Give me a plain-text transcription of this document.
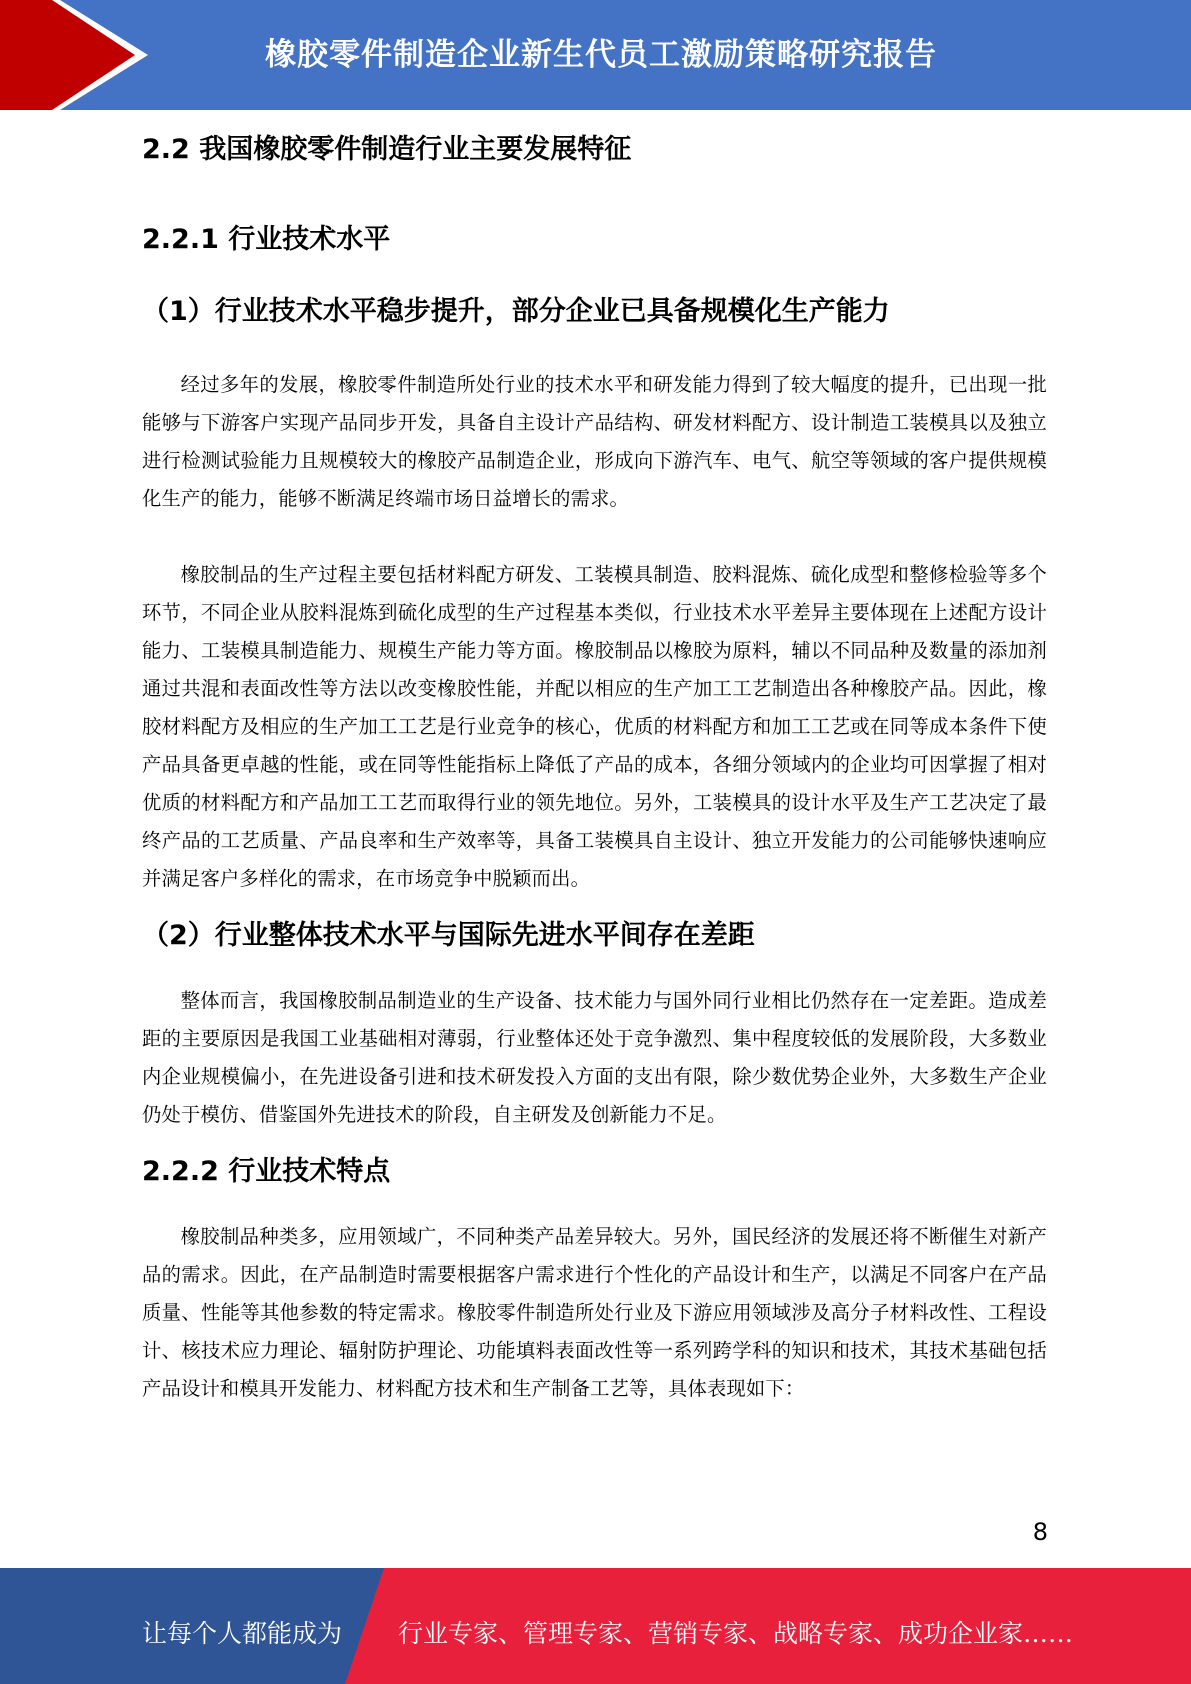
橡胶零件制造企业新生代员工激励策略研究报告
2.2 我国橡胶零件制造行业主要发展特征
2.2.1 行业技术水平
（1）行业技术水平稳步提升，部分企业已具备规模化生产能力

经过多年的发展，橡胶零件制造所处行业的技术水平和研发能力得到了较大幅度的提升，已出现一批能够与下游客户实现产品同步开发，具备自主设计产品结构、研发材料配方、设计制造工装模具以及独立进行检测试验能力且规模较大的橡胶产品制造企业，形成向下游汽车、电气、航空等领域的客户提供规模化生产的能力，能够不断满足终端市场日益增长的需求。

橡胶制品的生产过程主要包括材料配方研发、工装模具制造、胶料混炼、硫化成型和整修检验等多个环节，不同企业从胶料混炼到硫化成型的生产过程基本类似，行业技术水平差异主要体现在上述配方设计能力、工装模具制造能力、规模生产能力等方面。橡胶制品以橡胶为原料，辅以不同品种及数量的添加剂通过共混和表面改性等方法以改变橡胶性能，并配以相应的生产加工工艺制造出各种橡胶产品。因此，橡胶材料配方及相应的生产加工工艺是行业竞争的核心，优质的材料配方和加工工艺或在同等成本条件下使产品具备更卓越的性能，或在同等性能指标上降低了产品的成本，各细分领域内的企业均可因掌握了相对优质的材料配方和产品加工工艺而取得行业的领先地位。另外，工装模具的设计水平及生产工艺决定了最终产品的工艺质量、产品良率和生产效率等，具备工装模具自主设计、独立开发能力的公司能够快速响应并满足客户多样化的需求，在市场竞争中脱颖而出。

（2）行业整体技术水平与国际先进水平间存在差距

整体而言，我国橡胶制品制造业的生产设备、技术能力与国外同行业相比仍然存在一定差距。造成差距的主要原因是我国工业基础相对薄弱，行业整体还处于竞争激烈、集中程度较低的发展阶段，大多数业内企业规模偏小，在先进设备引进和技术研发投入方面的支出有限，除少数优势企业外，大多数生产企业仍处于模仿、借鉴国外先进技术的阶段，自主研发及创新能力不足。

2.2.2 行业技术特点

橡胶制品种类多，应用领域广，不同种类产品差异较大。另外，国民经济的发展还将不断催生对新产品的需求。因此，在产品制造时需要根据客户需求进行个性化的产品设计和生产，以满足不同客户在产品质量、性能等其他参数的特定需求。橡胶零件制造所处行业及下游应用领域涉及高分子材料改性、工程设计、核技术应力理论、辐射防护理论、功能填料表面改性等一系列跨学科的知识和技术，其技术基础包括产品设计和模具开发能力、材料配方技术和生产制备工艺等，具体表现如下：

8
让每个人都能成为 行业专家、管理专家、营销专家、战略专家、成功企业家……
